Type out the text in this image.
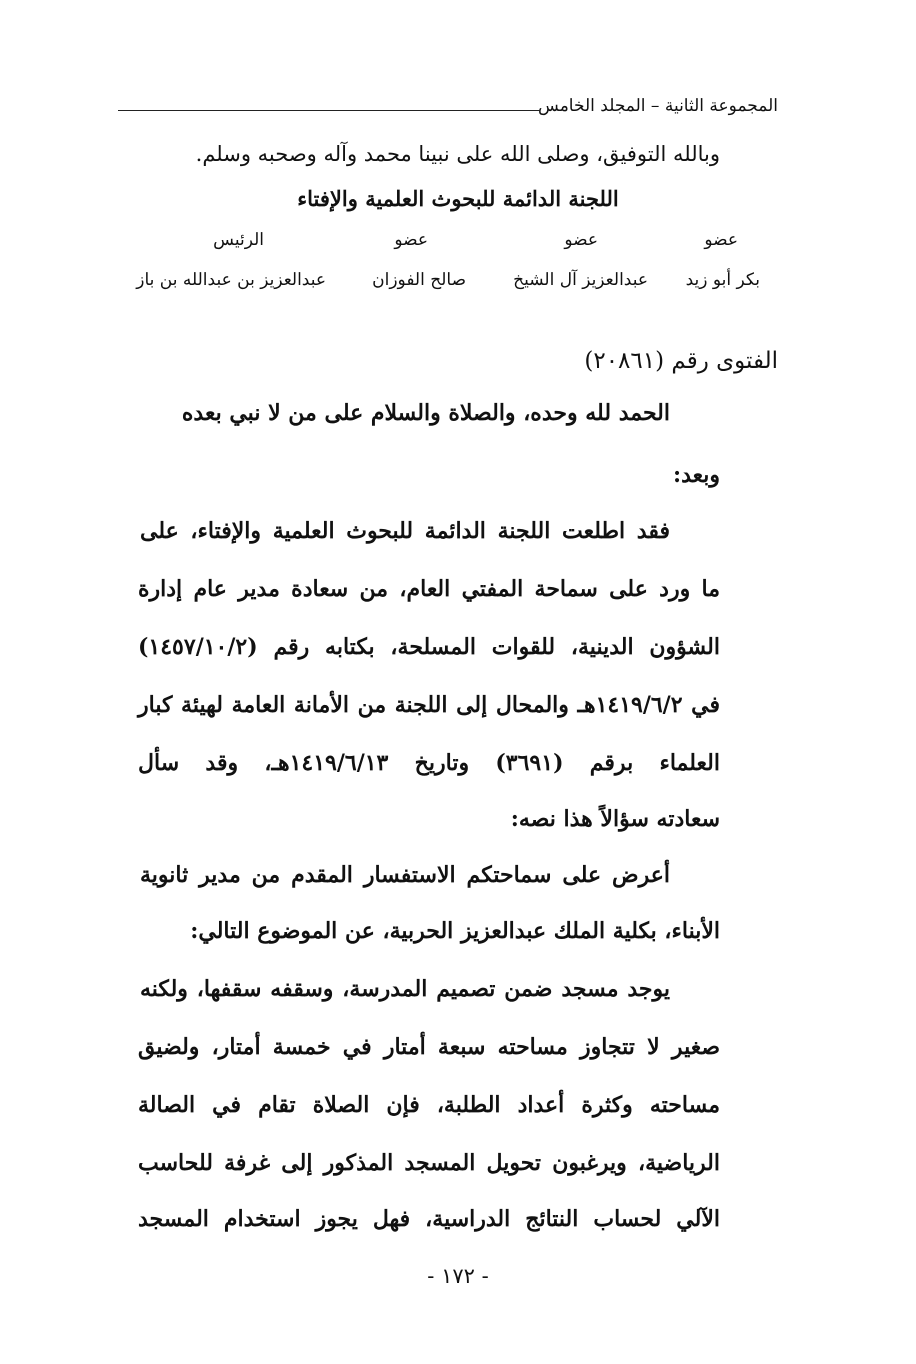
المجموعة الثانية – المجلد الخامس
وبالله التوفيق، وصلى الله على نبينا محمد وآله وصحبه وسلم.
اللجنة الدائمة للبحوث العلمية والإفتاء
عضو
عضو
عضو
الرئيس
بكر أبو زيد
عبدالعزيز آل الشيخ
صالح الفوزان
عبدالعزيز بن عبدالله بن باز
الفتوى رقم (٢٠٨٦١)
الحمد لله وحده، والصلاة والسلام على من لا نبي بعده
وبعد:
فقد اطلعت اللجنة الدائمة للبحوث العلمية والإفتاء، على
ما ورد على سماحة المفتي العام، من سعادة مدير عام إدارة
الشؤون الدينية، للقوات المسلحة، بكتابه رقم (١٤٥٧/١٠/٢)
في ١٤١٩/٦/٢هـ والمحال إلى اللجنة من الأمانة العامة لهيئة كبار
العلماء برقم (٣٦٩١) وتاريخ ١٤١٩/٦/١٣هـ، وقد سأل
سعادته سؤالاً هذا نصه:
أعرض على سماحتكم الاستفسار المقدم من مدير ثانوية
الأبناء، بكلية الملك عبدالعزيز الحربية، عن الموضوع التالي:
يوجد مسجد ضمن تصميم المدرسة، وسقفه سقفها، ولكنه
صغير لا تتجاوز مساحته سبعة أمتار في خمسة أمتار، ولضيق
مساحته وكثرة أعداد الطلبة، فإن الصلاة تقام في الصالة
الرياضية، ويرغبون تحويل المسجد المذكور إلى غرفة للحاسب
الآلي لحساب النتائج الدراسية، فهل يجوز استخدام المسجد
- ١٧٢ -
